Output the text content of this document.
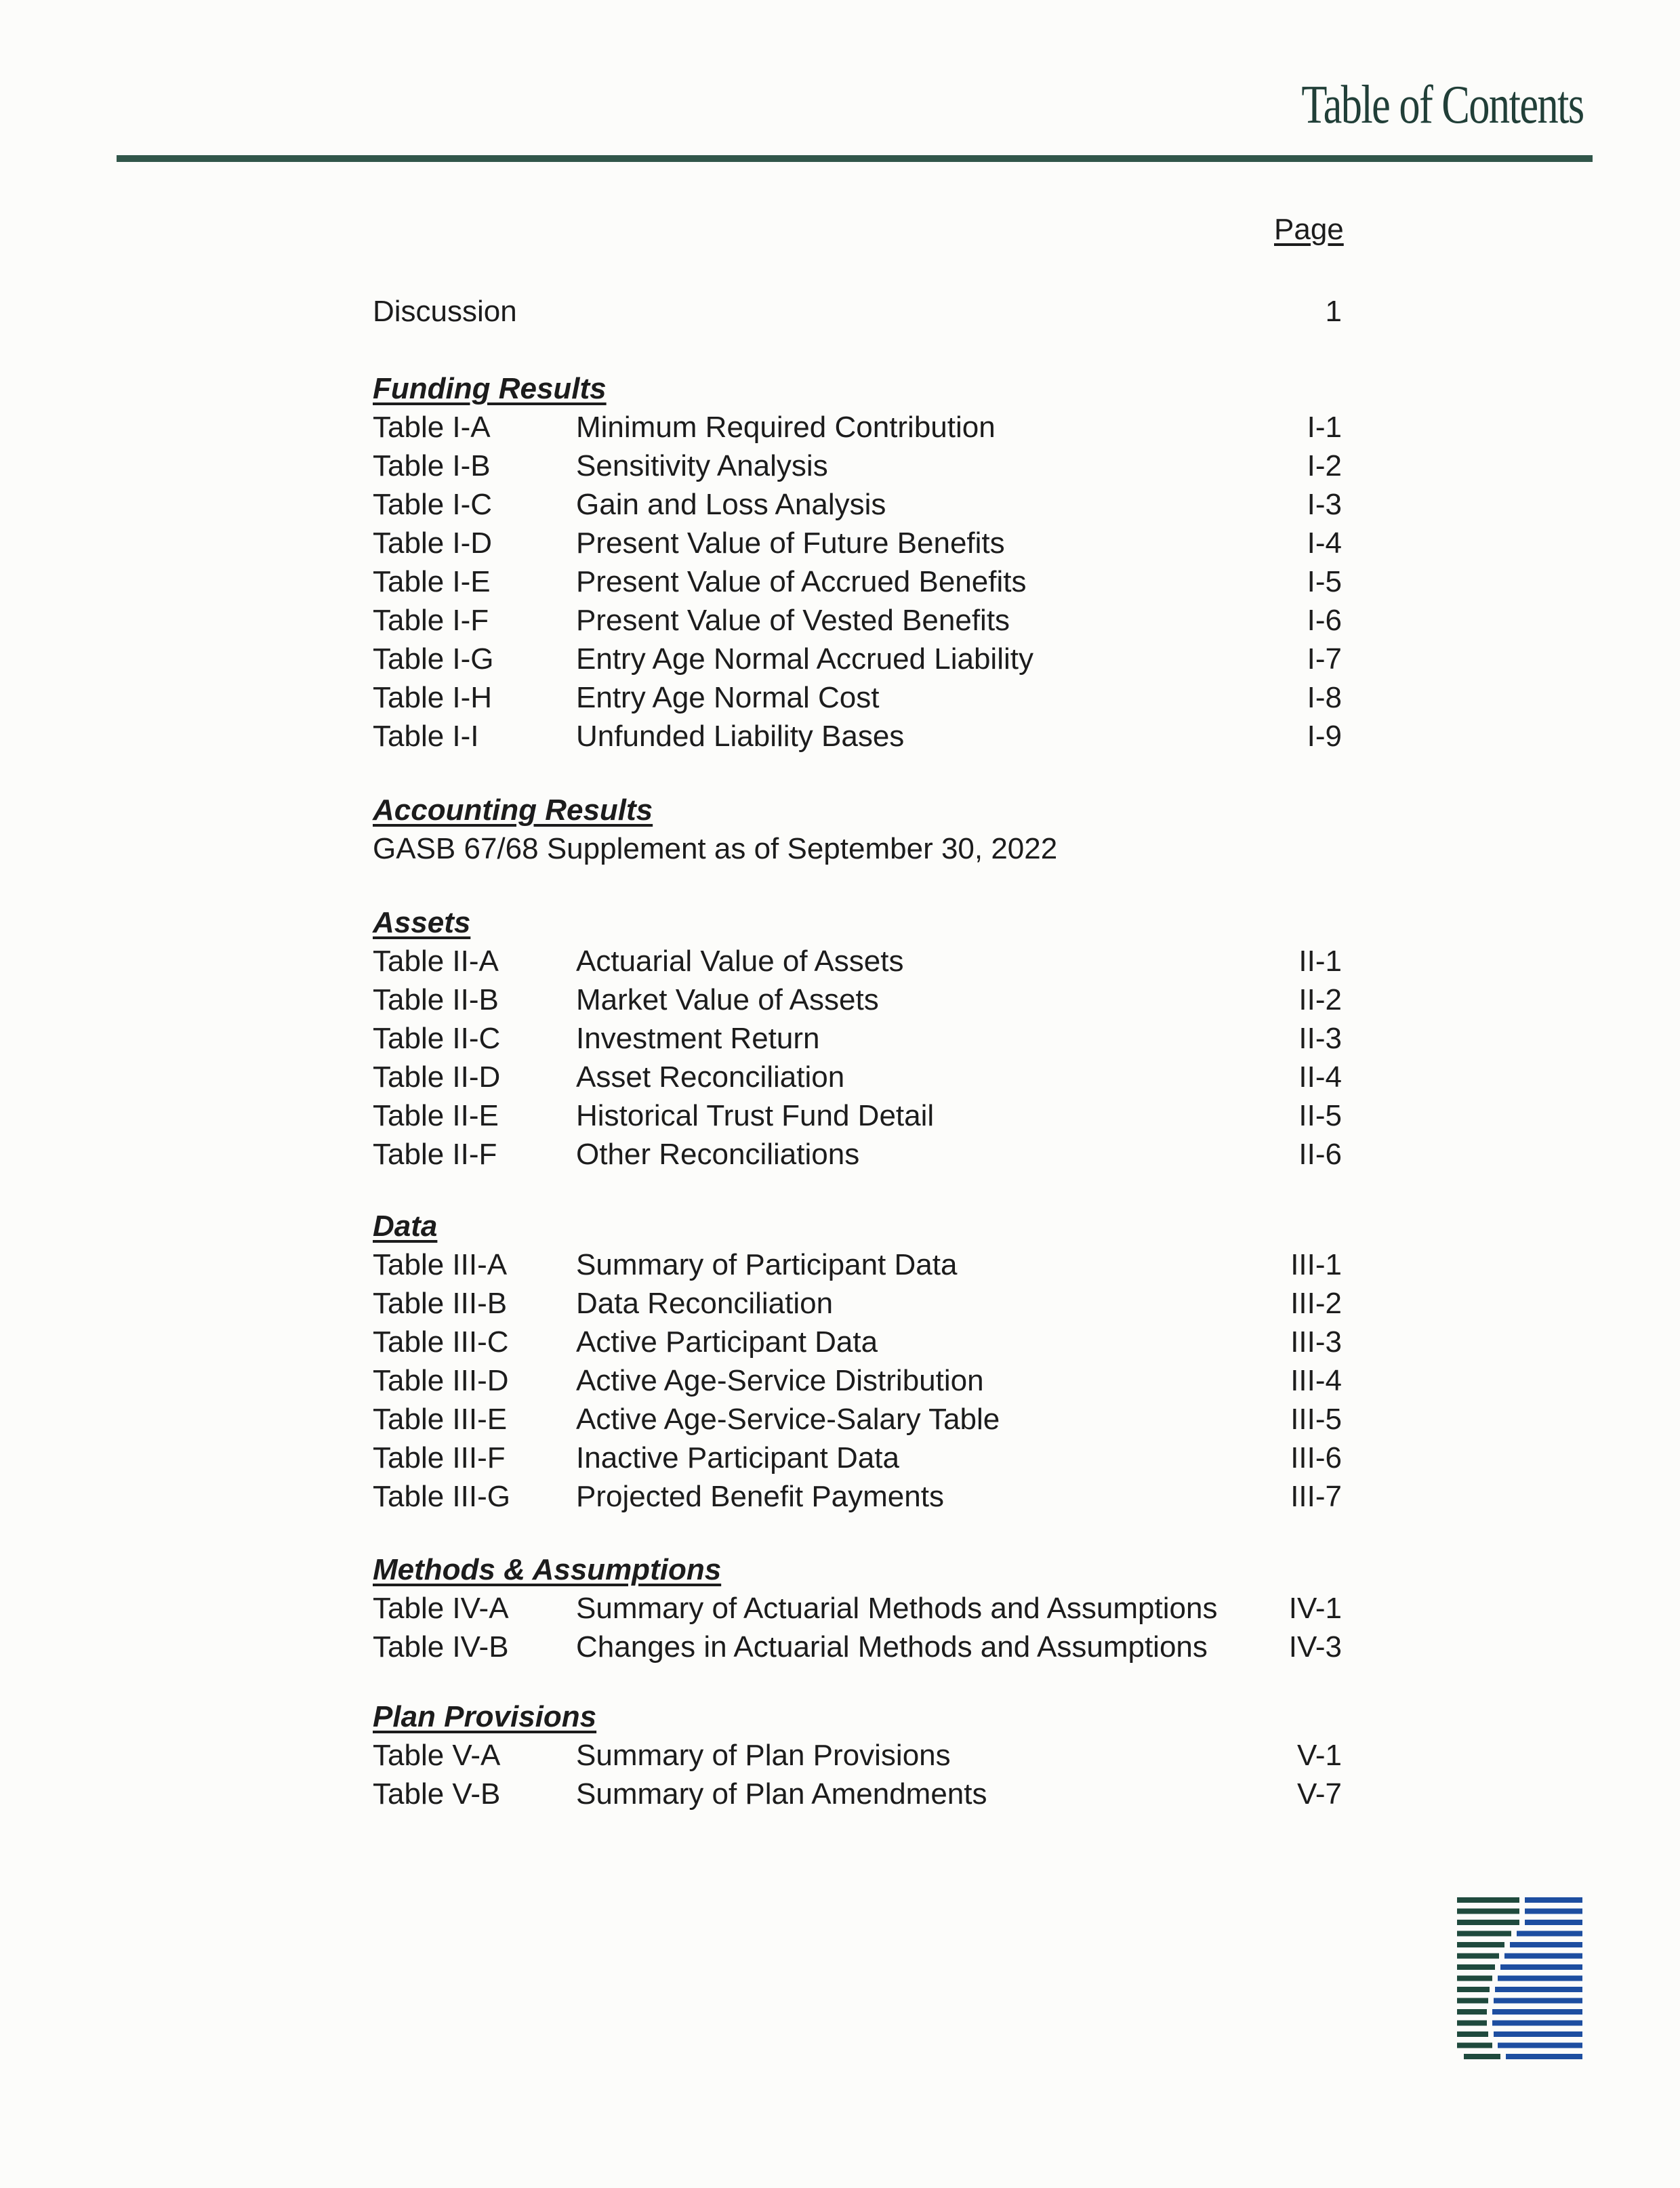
Table of Contents
Page
Discussion	1
Funding Results
Table I-A	Minimum Required Contribution	I-1
Table I-B	Sensitivity Analysis	I-2
Table I-C	Gain and Loss Analysis	I-3
Table I-D	Present Value of Future Benefits	I-4
Table I-E	Present Value of Accrued Benefits	I-5
Table I-F	Present Value of Vested Benefits	I-6
Table I-G	Entry Age Normal Accrued Liability	I-7
Table I-H	Entry Age Normal Cost	I-8
Table I-I	Unfunded Liability Bases	I-9
Accounting Results
GASB 67/68 Supplement as of September 30, 2022
Assets
Table II-A	Actuarial Value of Assets	II-1
Table II-B	Market Value of Assets	II-2
Table II-C	Investment Return	II-3
Table II-D	Asset Reconciliation	II-4
Table II-E	Historical Trust Fund Detail	II-5
Table II-F	Other Reconciliations	II-6
Data
Table III-A Summary of Participant Data	III-1
Table III-B Data Reconciliation	III-2
Table III-C Active Participant Data	III-3
Table III-D Active Age-Service Distribution	III-4
Table III-E Active Age-Service-Salary Table	III-5
Table III-F Inactive Participant Data	III-6
Table III-G Projected Benefit Payments	III-7
Methods & Assumptions
Table IV-A Summary of Actuarial Methods and Assumptions IV-1
Table IV-B Changes in Actuarial Methods and Assumptions	IV-3
Plan Provisions
Table V-A	Summary of Plan Provisions	V-1
Table V-B	Summary of Plan Amendments	V-7
